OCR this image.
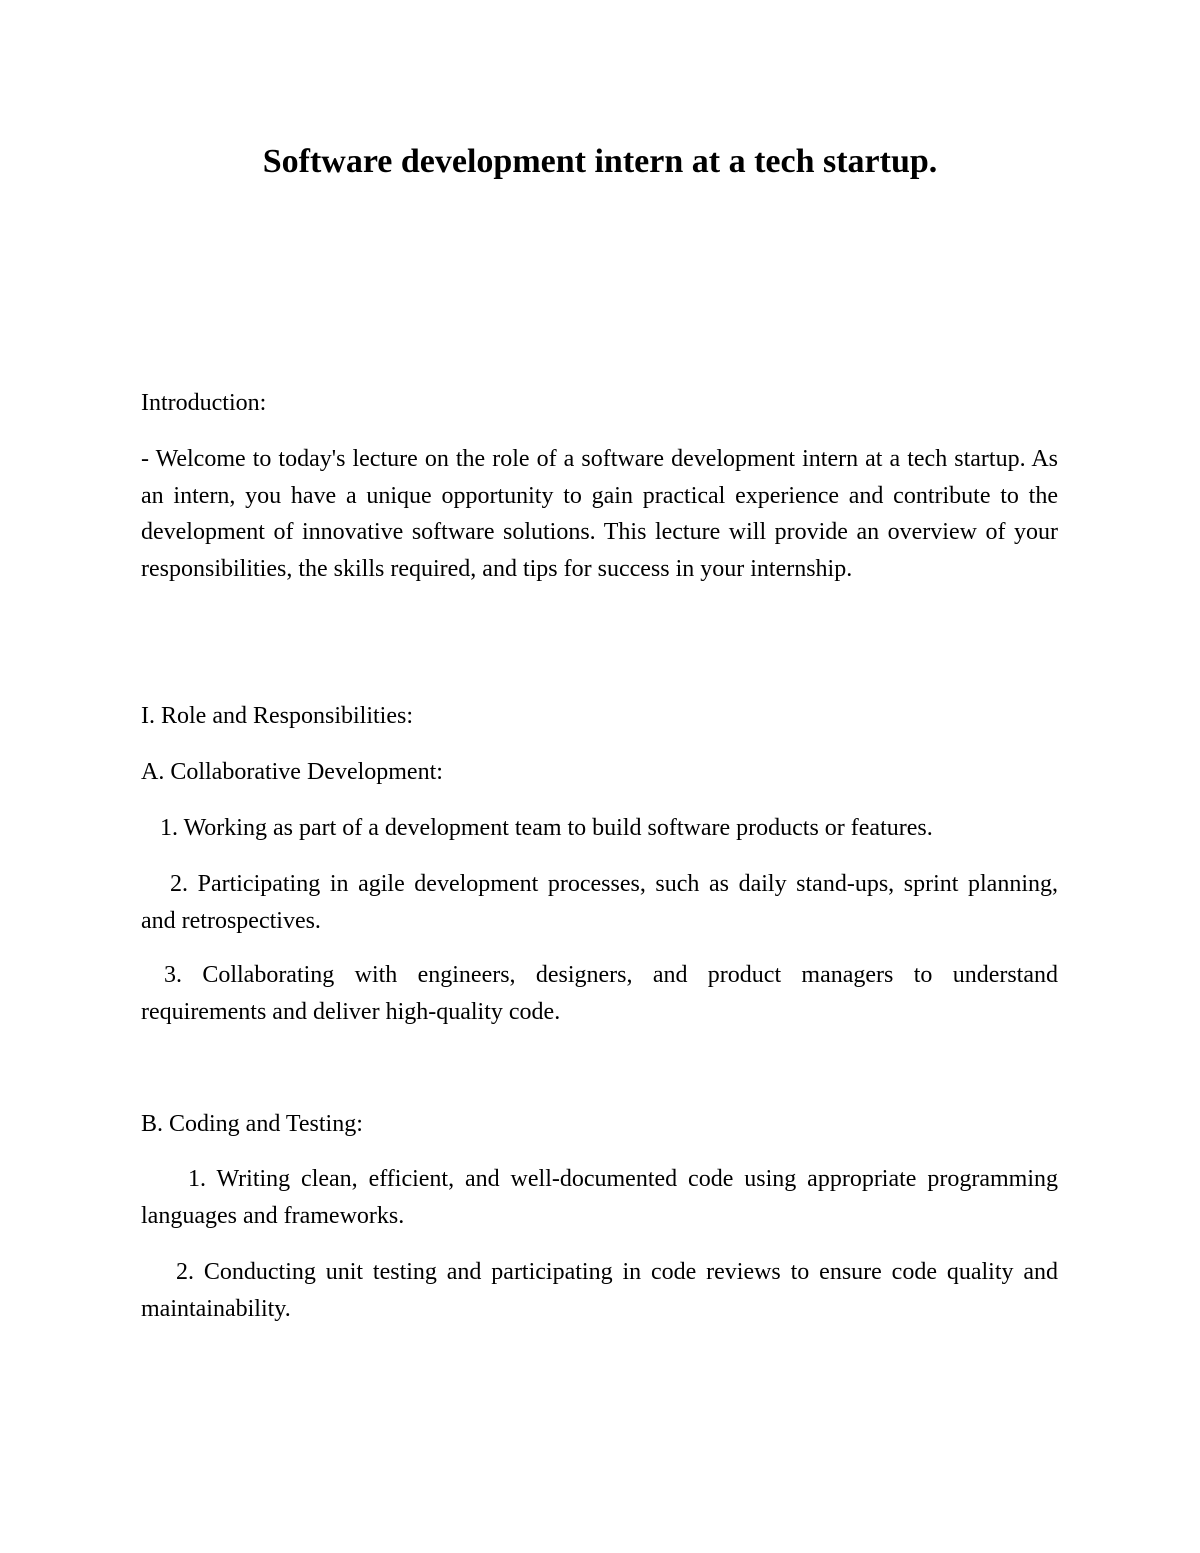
Software development intern at a tech startup.

Introduction:

- Welcome to today's lecture on the role of a software development intern at a tech startup. As an intern, you have a unique opportunity to gain practical experience and contribute to the development of innovative software solutions. This lecture will provide an overview of your responsibilities, the skills required, and tips for success in your internship.

I. Role and Responsibilities:

A. Collaborative Development:

1. Working as part of a development team to build software products or features.

2. Participating in agile development processes, such as daily stand-ups, sprint planning, and retrospectives.

3. Collaborating with engineers, designers, and product managers to understand requirements and deliver high-quality code.

B. Coding and Testing:

1. Writing clean, efficient, and well-documented code using appropriate programming languages and frameworks.

2. Conducting unit testing and participating in code reviews to ensure code quality and maintainability.
